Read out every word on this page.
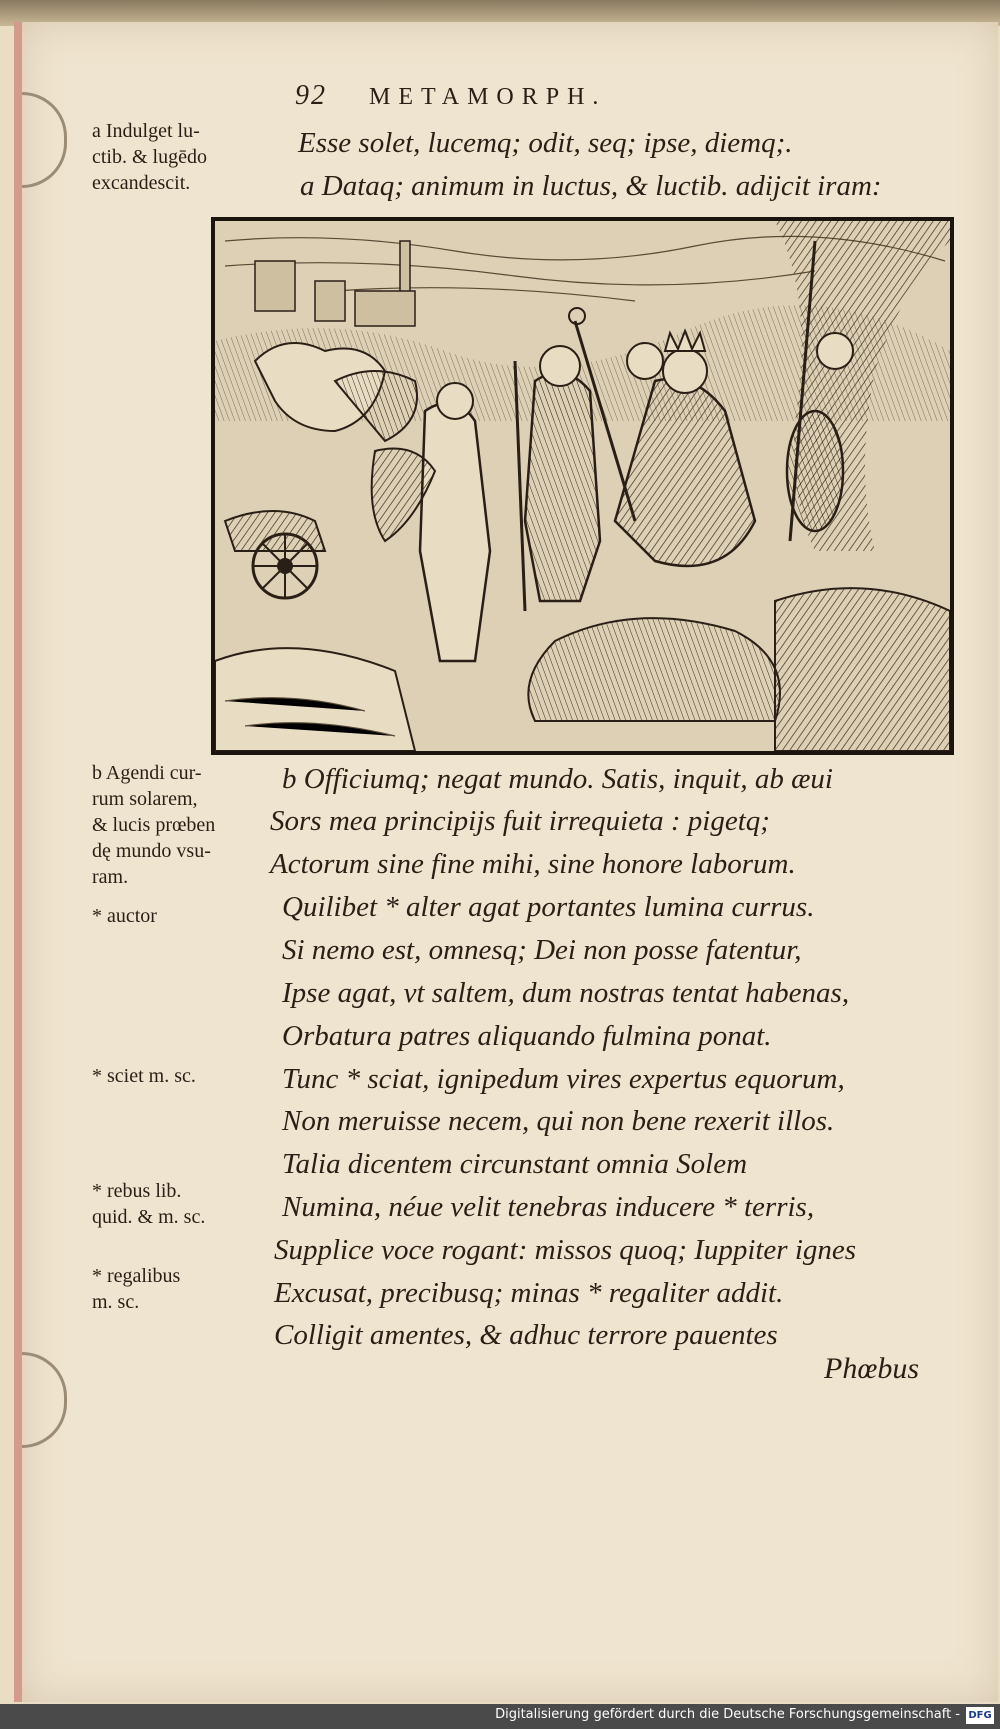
92 METAMORPH.
a Indulget lu-
ctib. & lugēdo
excandescit.
b Agendi cur-
rum solarem,
& lucis prœben
dę mundo vsu-
ram.
* auctor
* sciet m. sc.
* rebus lib.
quid. & m. sc.
* regalibus
m. sc.
Esse solet, lucemq; odit, seq; ipse, diemq;.
a Dataq; animum in luctus, & luctib. adijcit iram:
b Officiumq; negat mundo. Satis, inquit, ab æui
Sors mea principijs fuit irrequieta : pigetq;
Actorum sine fine mihi, sine honore laborum.
Quilibet * alter agat portantes lumina currus.
Si nemo est, omnesq; Dei non posse fatentur,
Ipse agat, vt saltem, dum nostras tentat habenas,
Orbatura patres aliquando fulmina ponat.
Tunc * sciat, ignipedum vires expertus equorum,
Non meruisse necem, qui non bene rexerit illos.
Talia dicentem circunstant omnia Solem
Numina, néue velit tenebras inducere * terris,
Supplice voce rogant: missos quoq; Iuppiter ignes
Excusat, precibusq; minas * regaliter addit.
Colligit amentes, & adhuc terrore pauentes
Phœbus
Digitalisierung gefördert durch die Deutsche Forschungsgemeinschaft - DFG
